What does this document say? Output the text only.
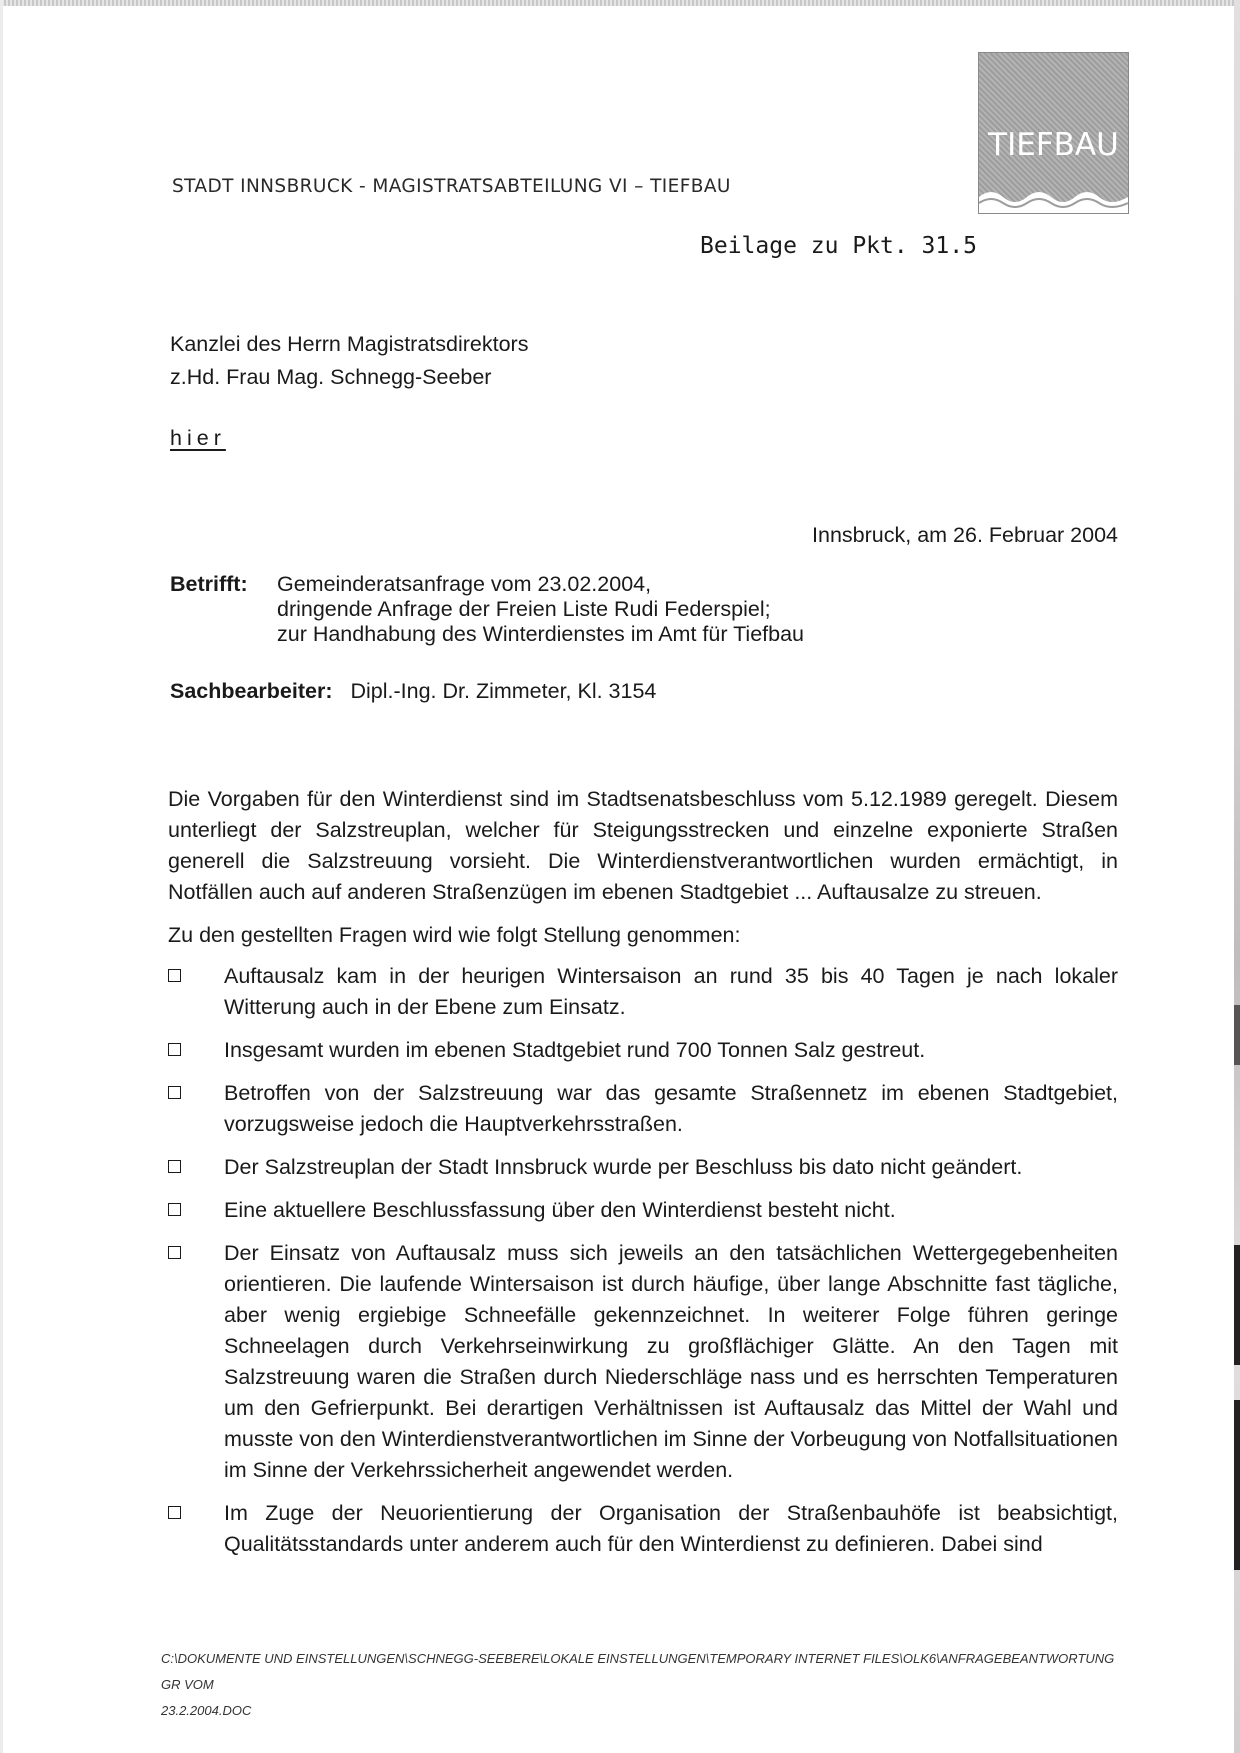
TIEFBAU
STADT INNSBRUCK - MAGISTRATSABTEILUNG VI – TIEFBAU
Beilage zu Pkt. 31.5
Kanzlei des Herrn Magistratsdirektors
z.Hd. Frau Mag. Schnegg-Seeber
hier
Innsbruck, am 26. Februar 2004
Betrifft: Gemeinderatsanfrage vom 23.02.2004,
dringende Anfrage der Freien Liste Rudi Federspiel;
zur Handhabung des Winterdienstes im Amt für Tiefbau
Sachbearbeiter: Dipl.-Ing. Dr. Zimmeter, Kl. 3154

Die Vorgaben für den Winterdienst sind im Stadtsenatsbeschluss vom 5.12.1989 geregelt. Diesem unterliegt der Salzstreuplan, welcher für Steigungsstrecken und einzelne exponierte Straßen generell die Salzstreuung vorsieht. Die Winterdienstverantwortlichen wurden ermächtigt, in Notfällen auch auf anderen Straßenzügen im ebenen Stadtgebiet ... Auftausalze zu streuen.

Zu den gestellten Fragen wird wie folgt Stellung genommen:

Auftausalz kam in der heurigen Wintersaison an rund 35 bis 40 Tagen je nach lokaler Witterung auch in der Ebene zum Einsatz.
Insgesamt wurden im ebenen Stadtgebiet rund 700 Tonnen Salz gestreut.
Betroffen von der Salzstreuung war das gesamte Straßennetz im ebenen Stadtgebiet, vorzugsweise jedoch die Hauptverkehrsstraßen.
Der Salzstreuplan der Stadt Innsbruck wurde per Beschluss bis dato nicht geändert.
Eine aktuellere Beschlussfassung über den Winterdienst besteht nicht.
Der Einsatz von Auftausalz muss sich jeweils an den tatsächlichen Wettergegebenheiten orientieren. Die laufende Wintersaison ist durch häufige, über lange Abschnitte fast tägliche, aber wenig ergiebige Schneefälle gekennzeichnet. In weiterer Folge führen geringe Schneelagen durch Verkehrseinwirkung zu großflächiger Glätte. An den Tagen mit Salzstreuung waren die Straßen durch Niederschläge nass und es herrschten Temperaturen um den Gefrierpunkt. Bei derartigen Verhältnissen ist Auftausalz das Mittel der Wahl und musste von den Winterdienstverantwortlichen im Sinne der Vorbeugung von Notfallsituationen im Sinne der Verkehrssicherheit angewendet werden.
Im Zuge der Neuorientierung der Organisation der Straßenbauhöfe ist beabsichtigt, Qualitätsstandards unter anderem auch für den Winterdienst zu definieren. Dabei sind
C:\DOKUMENTE UND EINSTELLUNGEN\SCHNEGG-SEEBERE\LOKALE EINSTELLUNGEN\TEMPORARY INTERNET FILES\OLK6\ANFRAGEBEANTWORTUNG GR VOM
23.2.2004.DOC
